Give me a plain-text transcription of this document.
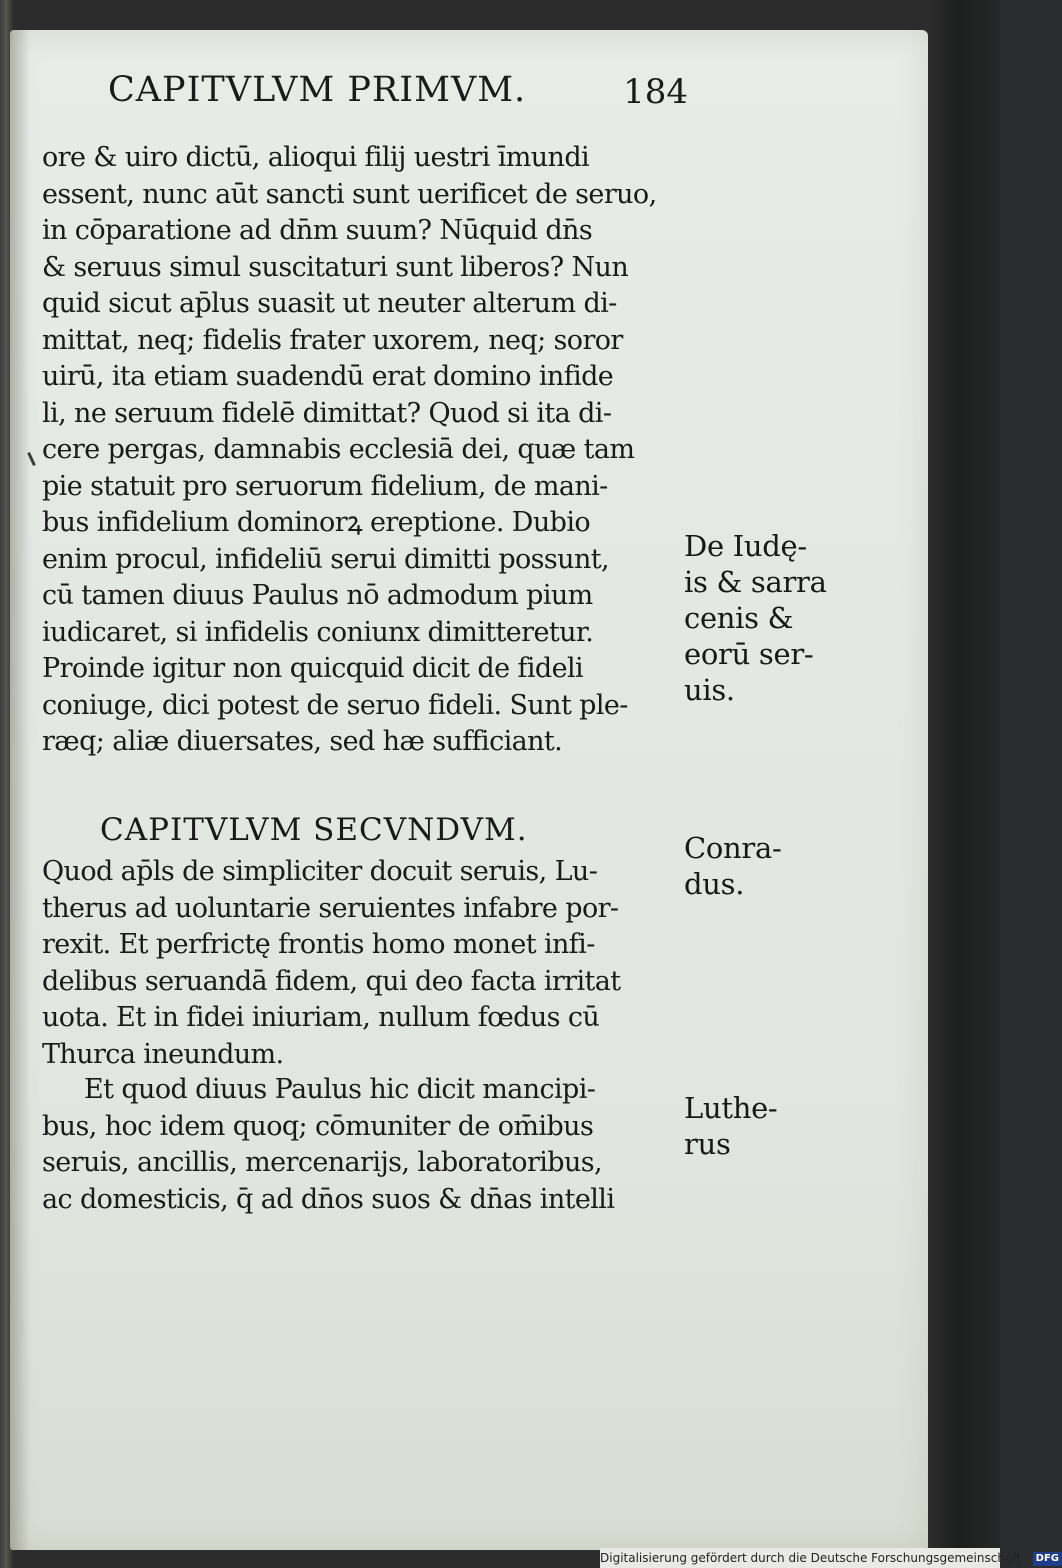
CAPITVLVM PRIMVM.	184
ore & uiro dictū, alioqui filij uestri īmundi
essent, nunc aūt sancti sunt uerificet de seruo,
in cōparatione ad dn̄m suum? Nūquid dn̄s
& seruus simul suscitaturi sunt liberos? Nun
quid sicut ap̄lus suasit ut neuter alterum di-
mittat, neq; fidelis frater uxorem, neq; soror
uirū, ita etiam suadendū erat domino infide
li, ne seruum fidelē dimittat? Quod si ita di-
cere pergas, damnabis ecclesiā dei, quæ tam
pie statuit pro seruorum fidelium, de mani-
bus infidelium dominorꝝ ereptione. Dubio
enim procul, infideliū serui dimitti possunt,
cū tamen diuus Paulus nō admodum pium
iudicaret, si infidelis coniunx dimitteretur.
Proinde igitur non quicquid dicit de fideli
coniuge, dici potest de seruo fideli. Sunt ple-
ræq; aliæ diuersates, sed hæ sufficiant.
CAPITVLVM SECVNDVM.
Quod ap̄ls de simpliciter docuit seruis, Lu-
therus ad uoluntarie seruientes infabre por-
rexit. Et perfrictę frontis homo monet infi-
delibus seruandā fidem, qui deo facta irritat
uota. Et in fidei iniuriam, nullum fœdus cū
Thurca ineundum.
Et quod diuus Paulus hic dicit mancipi-
bus, hoc idem quoq; cōmuniter de om̄ibus
seruis, ancillis, mercenarijs, laboratoribus,
ac domesticis, q̄ ad dn̄os suos & dn̄as intelli
De Iudę-
is & sarra
cenis &
eorū ser-
uis.
Conra-
dus.
Luthe-
rus
Digitalisierung gefördert durch die Deutsche Forschungsgemeinschaft · DFG
